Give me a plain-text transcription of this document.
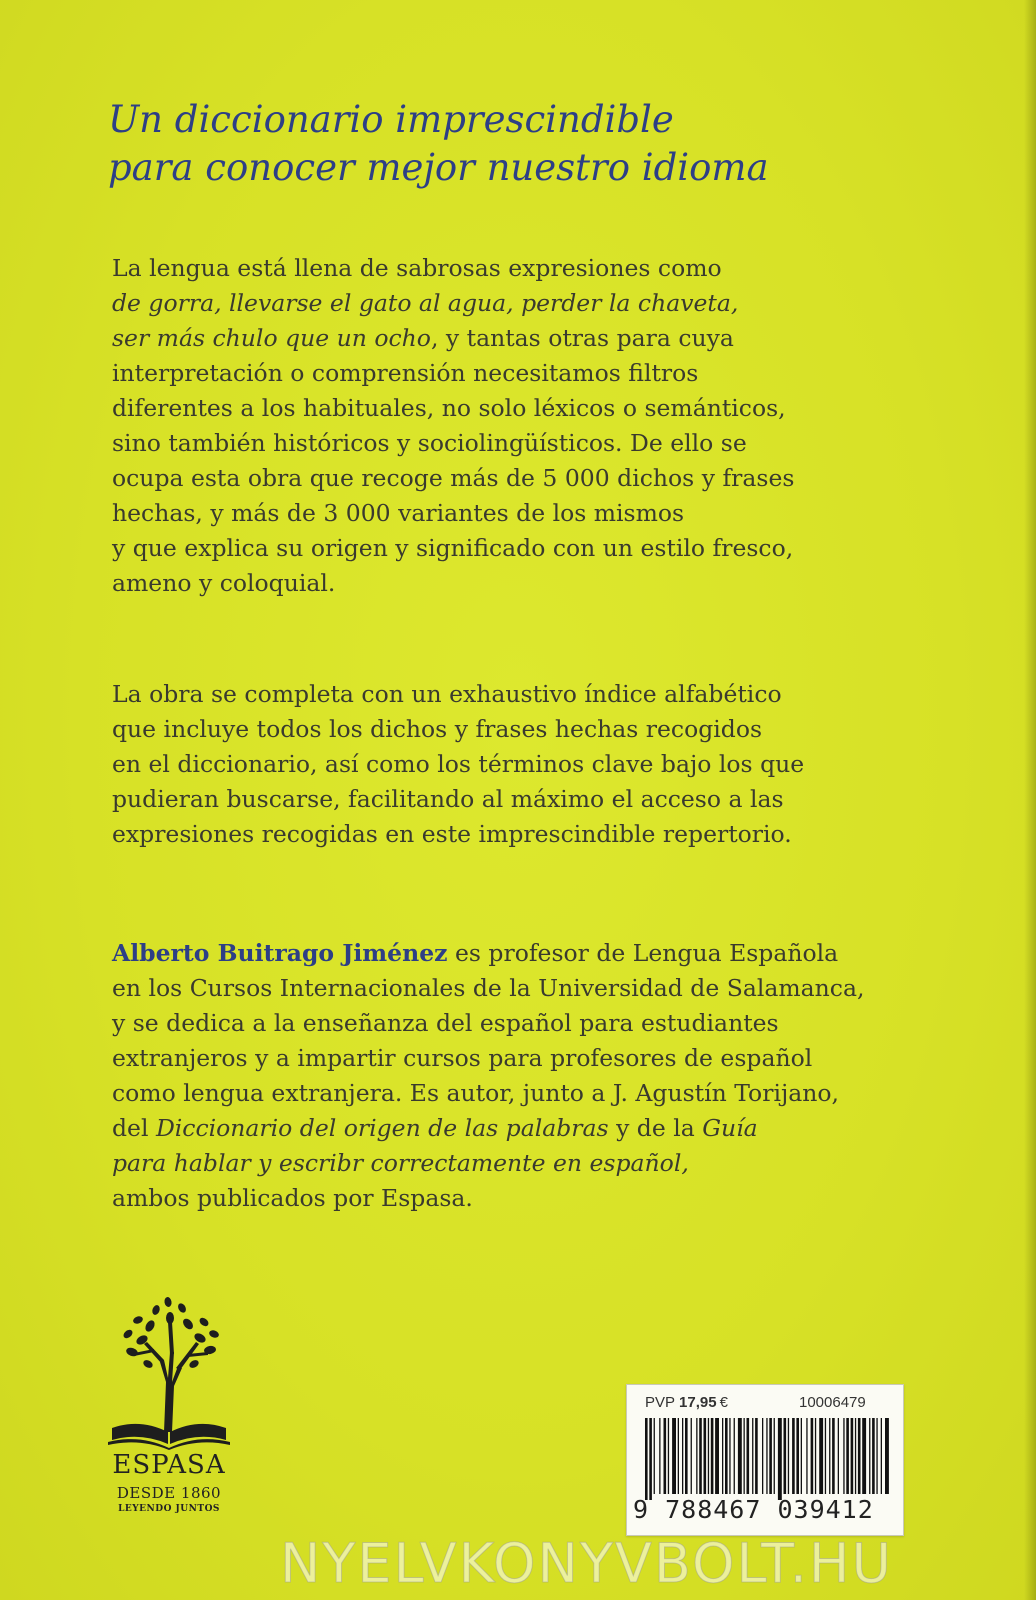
Un diccionario imprescindible
para conocer mejor nuestro idioma

La lengua está llena de sabrosas expresiones como
de gorra, llevarse el gato al agua, perder la chaveta,
ser más chulo que un ocho, y tantas otras para cuya
interpretación o comprensión necesitamos filtros
diferentes a los habituales, no solo léxicos o semánticos,
sino también históricos y sociolingüísticos. De ello se
ocupa esta obra que recoge más de 5 000 dichos y frases
hechas, y más de 3 000 variantes de los mismos
y que explica su origen y significado con un estilo fresco,
ameno y coloquial.

La obra se completa con un exhaustivo índice alfabético
que incluye todos los dichos y frases hechas recogidos
en el diccionario, así como los términos clave bajo los que
pudieran buscarse, facilitando al máximo el acceso a las
expresiones recogidas en este imprescindible repertorio.

Alberto Buitrago Jiménez es profesor de Lengua Española
en los Cursos Internacionales de la Universidad de Salamanca,
y se dedica a la enseñanza del español para estudiantes
extranjeros y a impartir cursos para profesores de español
como lengua extranjera. Es autor, junto a J. Agustín Torijano,
del Diccionario del origen de las palabras y de la Guía
para hablar y escribr correctamente en español,
ambos publicados por Espasa.

ESPASA

DESDE 1860

LEYENDO JUNTOS

PVP 17,95 €	10006479
9 788467 039412
NYELVKONYVBOLT.HU
